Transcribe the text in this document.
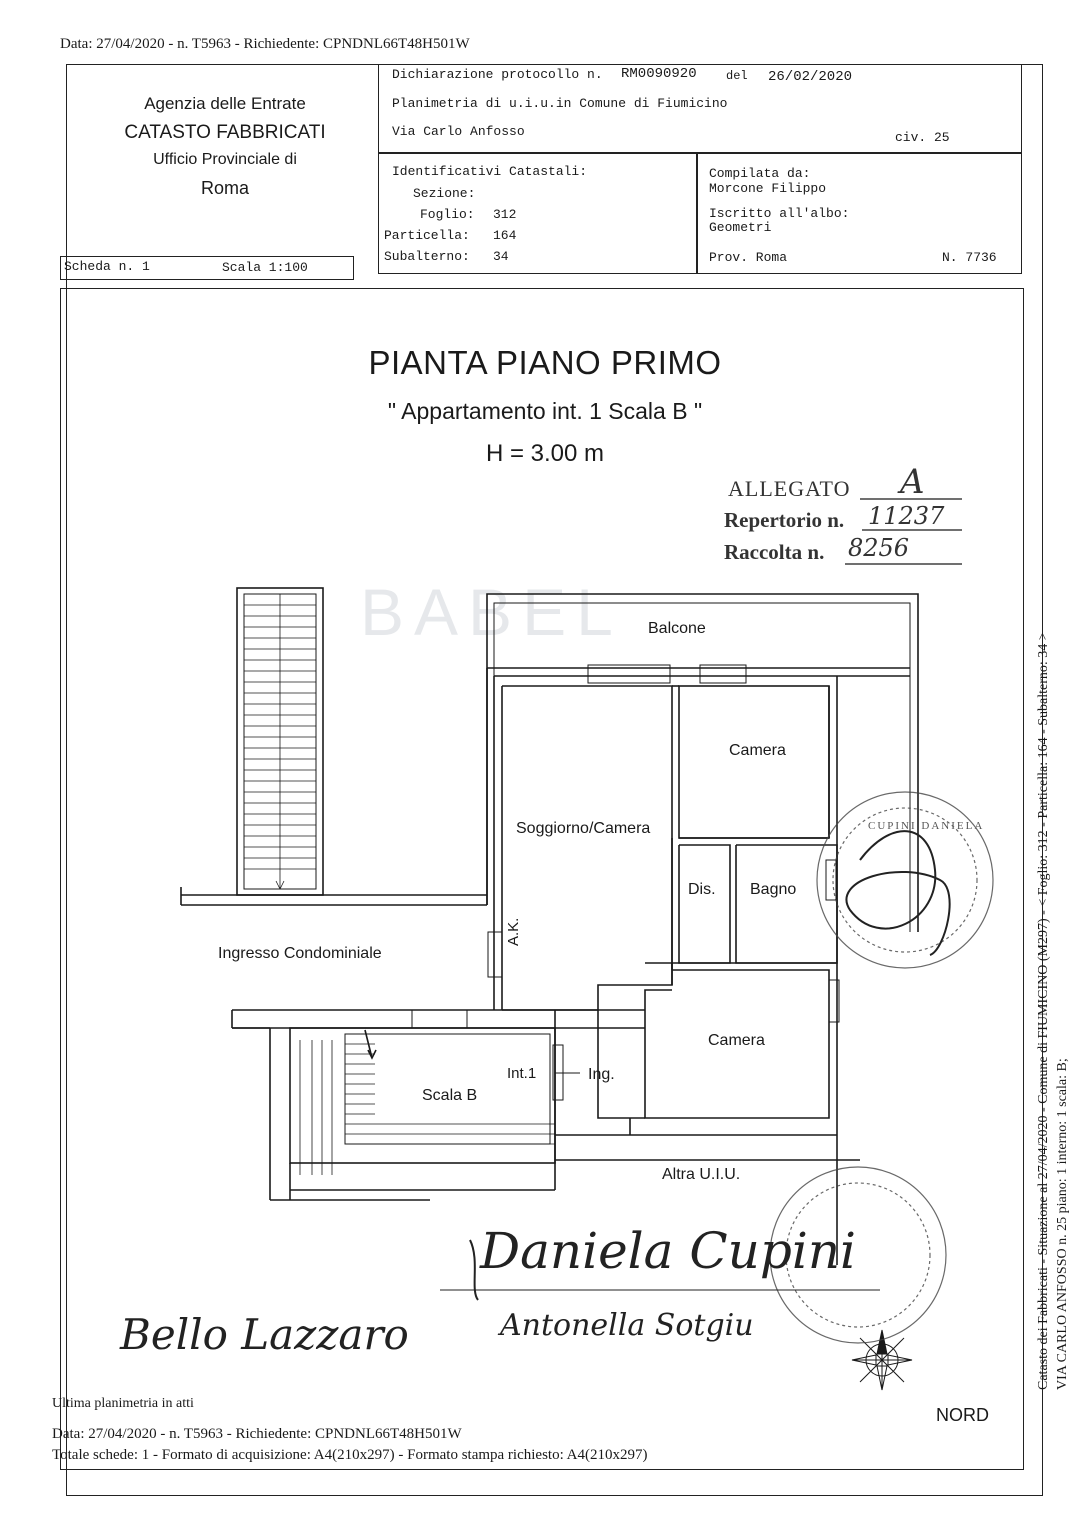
Data: 27/04/2020 - n. T5963 - Richiedente: CPNDNL66T48H501W
Agenzia delle Entrate
CATASTO FABBRICATI
Ufficio Provinciale di
Roma
Dichiarazione protocollo n. RM0090920 del 26/02/2020
Planimetria di u.i.u.in Comune di Fiumicino
Via Carlo Anfosso	civ. 25
Identificativi Catastali:
Sezione:
Foglio: 312
Particella: 164
Subalterno: 34
Compilata da:
Morcone Filippo
Iscritto all'albo:
Geometri
Prov. Roma	N. 7736
Scheda n. 1	Scala 1:100
PIANTA PIANO PRIMO
" Appartamento int. 1 Scala B "
H = 3.00 m
ALLEGATO A
Repertorio n. 11237
Raccolta n. 8256
BABEL Balcone
Camera
Soggiorno/Camera
Dis. Bagno
A.K.
Ingresso Condominiale
Camera
Int.1	Ing.
Scala B
Altra U.I.U.
NORD
CUPINI DANIELA
Daniela Cupini
Bello Lazzaro	Antonella Sotgiu
Ultima planimetria in atti
Data: 27/04/2020 - n. T5963 - Richiedente: CPNDNL66T48H501W
Totale schede: 1 - Formato di acquisizione: A4(210x297) - Formato stampa richiesto: A4(210x297)
Catasto dei Fabbricati - Situazione al 27/04/2020 - Comune di FIUMICINO (M297) - < Foglio: 312 - Particella: 164 - Subalterno: 34 > VIA CARLO ANFOSSO n. 25 piano: 1 interno: 1 scala: B;
